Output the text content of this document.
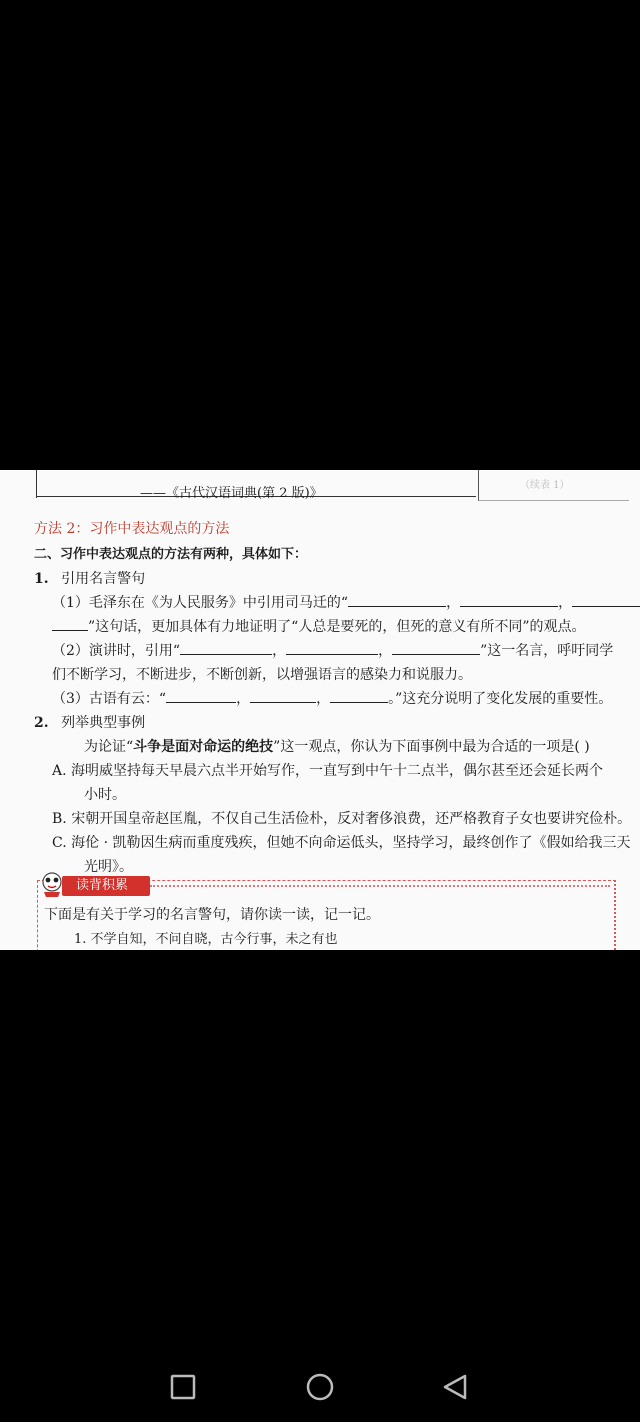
（续表 1）
——《古代汉语词典(第 2 版)》
方法 2：习作中表达观点的方法
二、习作中表达观点的方法有两种，具体如下：
1. 引用名言警句
（1）毛泽东在《为人民服务》中引用司马迁的“	，	，
”这句话，更加具体有力地证明了“人总是要死的，但死的意义有所不同”的观点。
（2）演讲时，引用“	，	，	”这一名言，呼吁同学
们不断学习，不断进步，不断创新，以增强语言的感染力和说服力。
（3）古语有云：“	，	，	。”这充分说明了变化发展的重要性。
2. 列举典型事例
为论证“斗争是面对命运的绝技”这一观点，你认为下面事例中最为合适的一项是( )
A. 海明威坚持每天早晨六点半开始写作，一直写到中午十二点半，偶尔甚至还会延长两个
小时。
B. 宋朝开国皇帝赵匡胤，不仅自己生活俭朴，反对奢侈浪费，还严格教育子女也要讲究俭朴。
C. 海伦 · 凯勒因生病而重度残疾，但她不向命运低头，坚持学习，最终创作了《假如给我三天
光明》。
读背积累
下面是有关于学习的名言警句，请你读一读，记一记。
1. 不学自知，不问自晓，古今行事，未之有也
